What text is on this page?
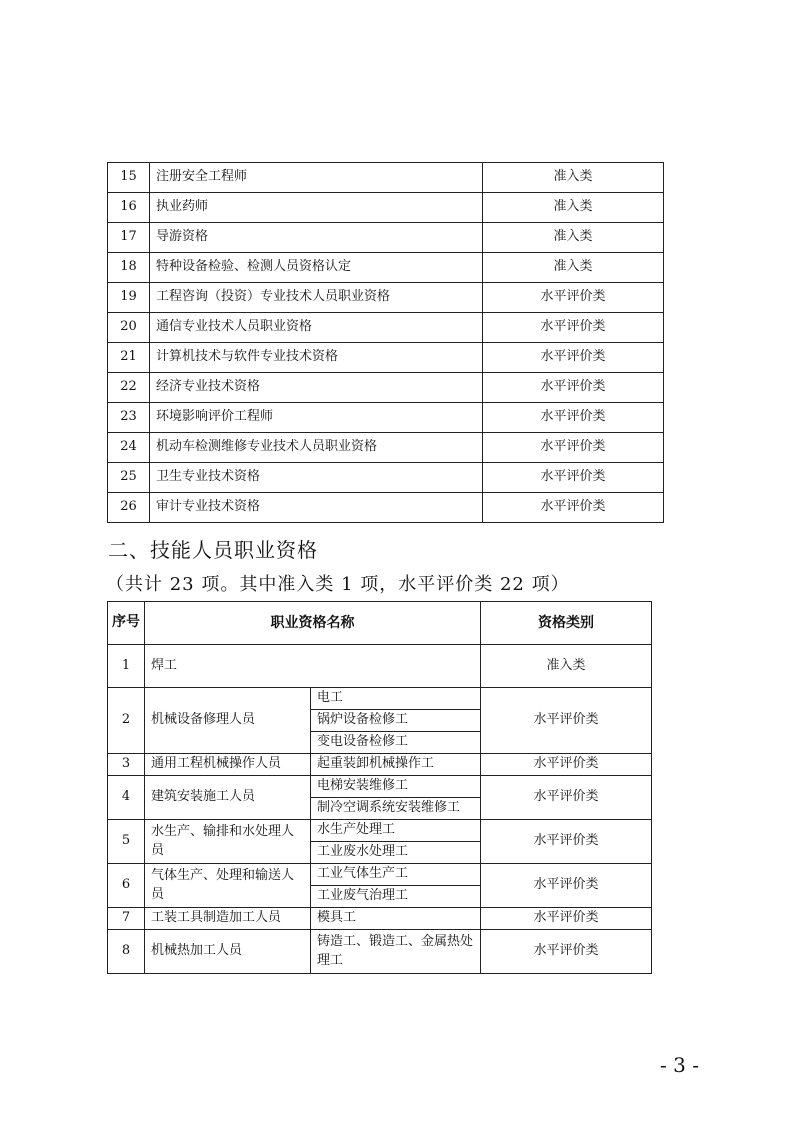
15	注册安全工程师	准入类
16	执业药师	准入类
17	导游资格	准入类
18	特种设备检验、检测人员资格认定	准入类
19	工程咨询（投资）专业技术人员职业资格	水平评价类
20	通信专业技术人员职业资格	水平评价类
21	计算机技术与软件专业技术资格	水平评价类
22	经济专业技术资格	水平评价类
23	环境影响评价工程师	水平评价类
24	机动车检测维修专业技术人员职业资格	水平评价类
25	卫生专业技术资格	水平评价类
26	审计专业技术资格	水平评价类
二、技能人员职业资格

（共计 23 项。其中准入类 1 项，水平评价类 22 项）

序号	职业资格名称		资格类别
1	焊工		准入类
2	机械设备修理人员	电工	水平评价类
		锅炉设备检修工	
		变电设备检修工	
3	通用工程机械操作人员	起重装卸机械操作工	水平评价类
4	建筑安装施工人员	电梯安装维修工	水平评价类
		制冷空调系统安装维修工	
5	水生产、输排和水处理人员	水生产处理工	水平评价类
		工业废水处理工	
6	气体生产、处理和输送人员	工业气体生产工	水平评价类
		工业废气治理工	
7	工装工具制造加工人员	模具工	水平评价类
8	机械热加工人员	铸造工、锻造工、金属热处理工	水平评价类
- 3 -
